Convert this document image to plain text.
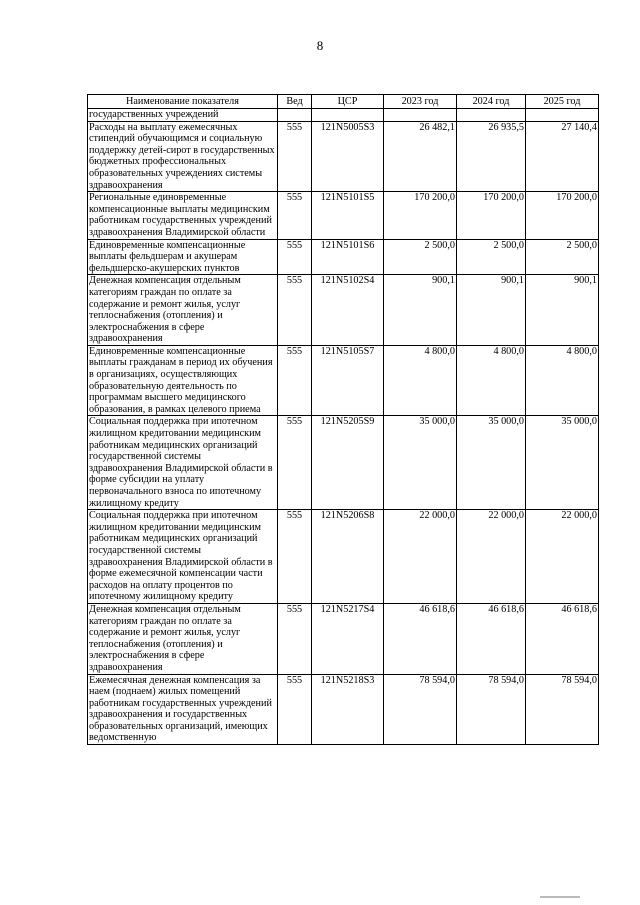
8
Наименование показателя	Вед	ЦСР	2023 год	2024 год	2025 год
государственных учреждений					
Расходы на выплату ежемесячных стипендий обучающимся и социальную поддержку детей-сирот в государственных бюджетных профессиональных образовательных учреждениях системы здравоохранения	555	121N5005S3	26 482,1	26 935,5	27 140,4
Региональные единовременные компенсационные выплаты медицинским работникам государственных учреждений здравоохранения Владимирской области	555	121N5101S5	170 200,0	170 200,0	170 200,0
Единовременные компенсационные выплаты фельдшерам и акушерам фельдшерско-акушерских пунктов	555	121N5101S6	2 500,0	2 500,0	2 500,0
Денежная компенсация отдельным категориям граждан по оплате за содержание и ремонт жилья, услуг теплоснабжения (отопления) и электроснабжения в сфере здравоохранения	555	121N5102S4	900,1	900,1	900,1
Единовременные компенсационные выплаты гражданам в период их обучения в организациях, осуществляющих образовательную деятельность по программам высшего медицинского образования, в рамках целевого приема	555	121N5105S7	4 800,0	4 800,0	4 800,0
Социальная поддержка при ипотечном жилищном кредитовании медицинским работникам медицинских организаций государственной системы здравоохранения Владимирской области в форме субсидии на уплату первоначального взноса по ипотечному жилищному кредиту	555	121N5205S9	35 000,0	35 000,0	35 000,0
Социальная поддержка при ипотечном жилищном кредитовании медицинским работникам медицинских организаций государственной системы здравоохранения Владимирской области в форме ежемесячной компенсации части расходов на оплату процентов по ипотечному жилищному кредиту	555	121N5206S8	22 000,0	22 000,0	22 000,0
Денежная компенсация отдельным категориям граждан по оплате за содержание и ремонт жилья, услуг теплоснабжения (отопления) и электроснабжения в сфере здравоохранения	555	121N5217S4	46 618,6	46 618,6	46 618,6
Ежемесячная денежная компенсация за наем (поднаем) жилых помещений работникам государственных учреждений здравоохранения и государственных образовательных организаций, имеющих ведомственную	555	121N5218S3	78 594,0	78 594,0	78 594,0
